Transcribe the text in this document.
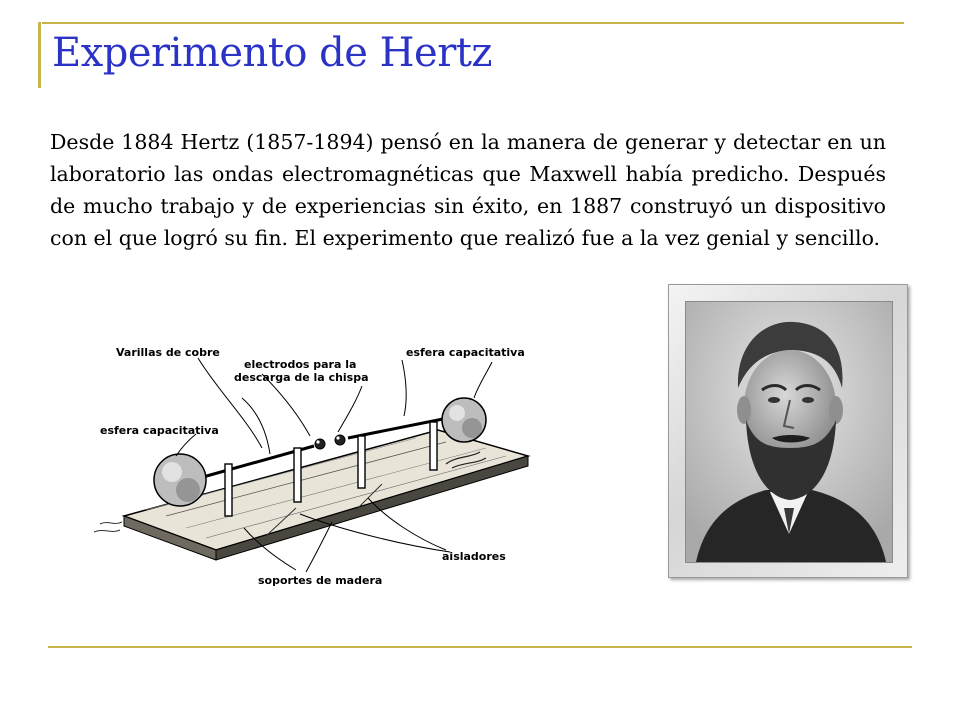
Experimento de Hertz

Desde 1884 Hertz (1857-1894) pensó en la manera de generar y detectar en un laboratorio las ondas electromagnéticas que Maxwell había predicho. Después de mucho trabajo y de experiencias sin éxito, en 1887 construyó un dispositivo con el que logró su fin. El experimento que realizó fue a la vez genial y sencillo.

Varillas de cobre
electrodos para la
descarga de la chispa
esfera capacitativa
esfera capacitativa
aisladores
soportes de madera
